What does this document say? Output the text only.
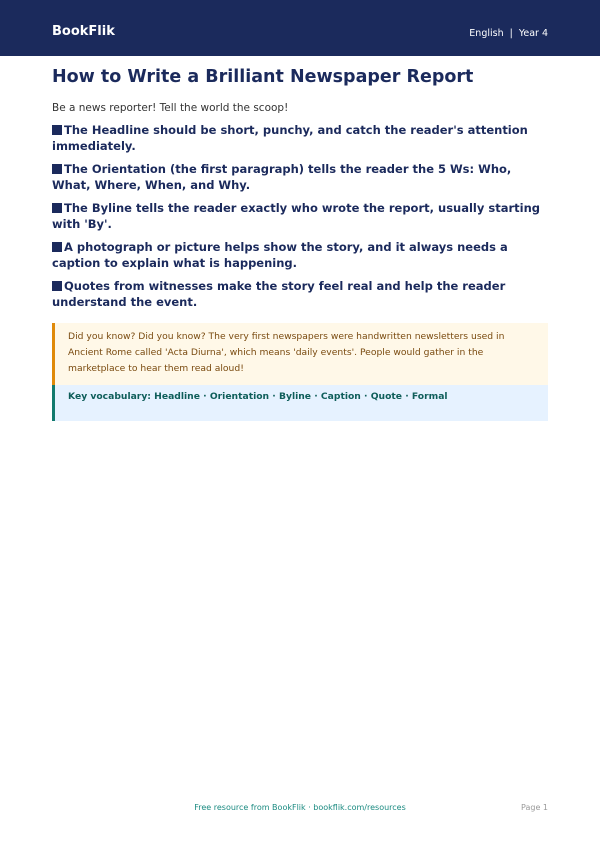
BookFlik	English | Year 4
How to Write a Brilliant Newspaper Report

Be a news reporter! Tell the world the scoop!

The Headline should be short, punchy, and catch the reader's attention immediately.
The Orientation (the first paragraph) tells the reader the 5 Ws: Who, What, Where, When, and Why.
The Byline tells the reader exactly who wrote the report, usually starting with 'By'.
A photograph or picture helps show the story, and it always needs a caption to explain what is happening.
Quotes from witnesses make the story feel real and help the reader understand the event.
Did you know? Did you know? The very first newspapers were handwritten newsletters used in Ancient Rome called 'Acta Diurna', which means 'daily events'. People would gather in the marketplace to hear them read aloud!
Key vocabulary: Headline · Orientation · Byline · Caption · Quote · Formal
Free resource from BookFlik · bookflik.com/resources	Page 1
